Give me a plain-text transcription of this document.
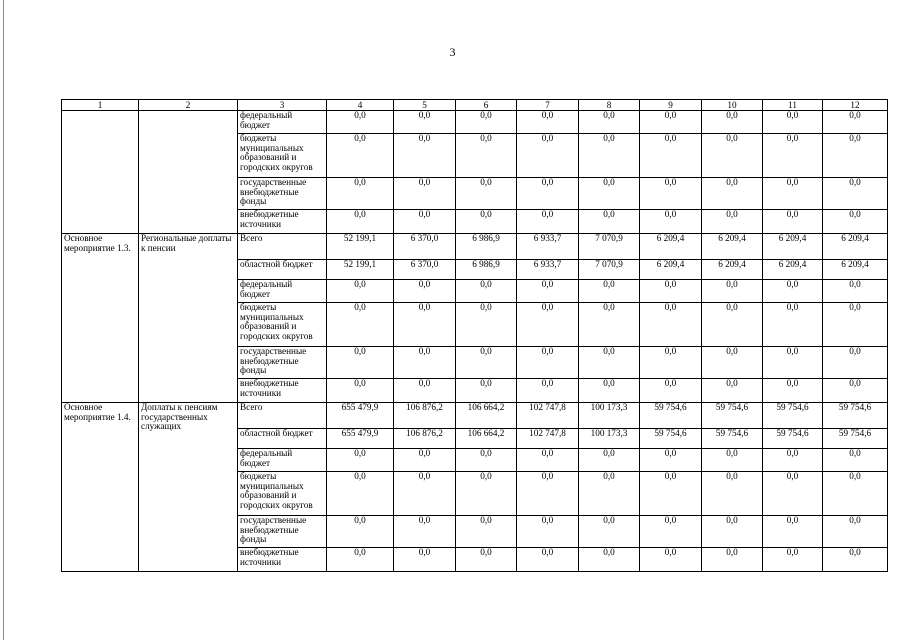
3
1	2	3	4	5	6	7	8	9	10	11	12
		федеральный бюджет	0,0	0,0	0,0	0,0	0,0	0,0	0,0	0,0	0,0
		бюджеты муниципальных образований и городских округов	0,0	0,0	0,0	0,0	0,0	0,0	0,0	0,0	0,0
		государственные внебюджетные фонды	0,0	0,0	0,0	0,0	0,0	0,0	0,0	0,0	0,0
		внебюджетные источники	0,0	0,0	0,0	0,0	0,0	0,0	0,0	0,0	0,0
Основное мероприятие 1.3.	Региональные доплаты к пенсии	Всего	52 199,1	6 370,0	6 986,9	6 933,7	7 070,9	6 209,4	6 209,4	6 209,4	6 209,4
		областной бюджет	52 199,1	6 370,0	6 986,9	6 933,7	7 070,9	6 209,4	6 209,4	6 209,4	6 209,4
		федеральный бюджет	0,0	0,0	0,0	0,0	0,0	0,0	0,0	0,0	0,0
		бюджеты муниципальных образований и городских округов	0,0	0,0	0,0	0,0	0,0	0,0	0,0	0,0	0,0
		государственные внебюджетные фонды	0,0	0,0	0,0	0,0	0,0	0,0	0,0	0,0	0,0
		внебюджетные источники	0,0	0,0	0,0	0,0	0,0	0,0	0,0	0,0	0,0
Основное мероприятие 1.4.	Доплаты к пенсиям государственных служащих	Всего	655 479,9	106 876,2	106 664,2	102 747,8	100 173,3	59 754,6	59 754,6	59 754,6	59 754,6
		областной бюджет	655 479,9	106 876,2	106 664,2	102 747,8	100 173,3	59 754,6	59 754,6	59 754,6	59 754,6
		федеральный бюджет	0,0	0,0	0,0	0,0	0,0	0,0	0,0	0,0	0,0
		бюджеты муниципальных образований и городских округов	0,0	0,0	0,0	0,0	0,0	0,0	0,0	0,0	0,0
		государственные внебюджетные фонды	0,0	0,0	0,0	0,0	0,0	0,0	0,0	0,0	0,0
		внебюджетные источники	0,0	0,0	0,0	0,0	0,0	0,0	0,0	0,0	0,0
